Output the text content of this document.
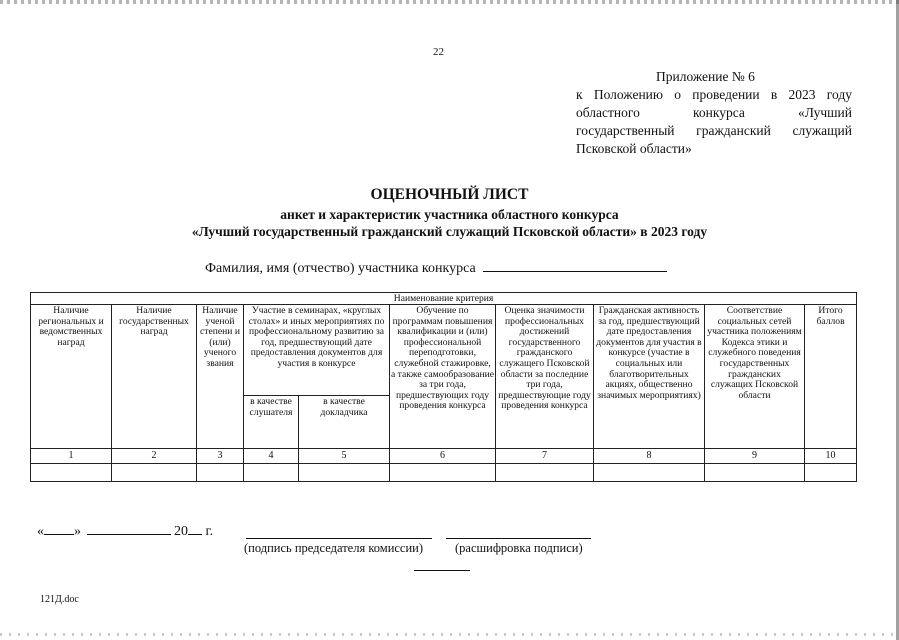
22
Приложение № 6
к Положению о проведении в 2023 году
областного конкурса «Лучший
государственный гражданский служащий
Псковской области»
ОЦЕНОЧНЫЙ ЛИСТ
анкет и характеристик участника областного конкурса
«Лучший государственный гражданский служащий Псковской области» в 2023 году
Фамилия, имя (отчество) участника конкурса
Наименование критерия									
Наличие региональных и ведомственных наград	Наличие государственных наград	Наличие ученой степени и (или) ученого звания	Участие в семинарах, «круглых столах» и иных мероприятиях по профессиональному развитию за год, предшествующий дате предоставления документов для участия в конкурсе		Обучение по программам повышения квалификации и (или) профессиональной переподготовки, служебной стажировке, а также самообразование за три года, предшествующих году проведения конкурса	Оценка значимости профессиональных достижений государственного гражданского служащего Псковской области за последние три года, предшествующие году проведения конкурса	Гражданская активность за год, предшествующий дате предоставления документов для участия в конкурсе (участие в социальных или благотворительных акциях, общественно значимых мероприятиях)	Соответствие социальных сетей участника положениям Кодекса этики и служебного поведения государственных гражданских служащих Псковской области	Итого баллов
			в качестве слушателя	в качестве докладчика					
1	2	3	4	5	6	7	8	9	10

« »	20 г.
(подпись председателя комиссии)	(расшифровка подписи)
121Д.doc
